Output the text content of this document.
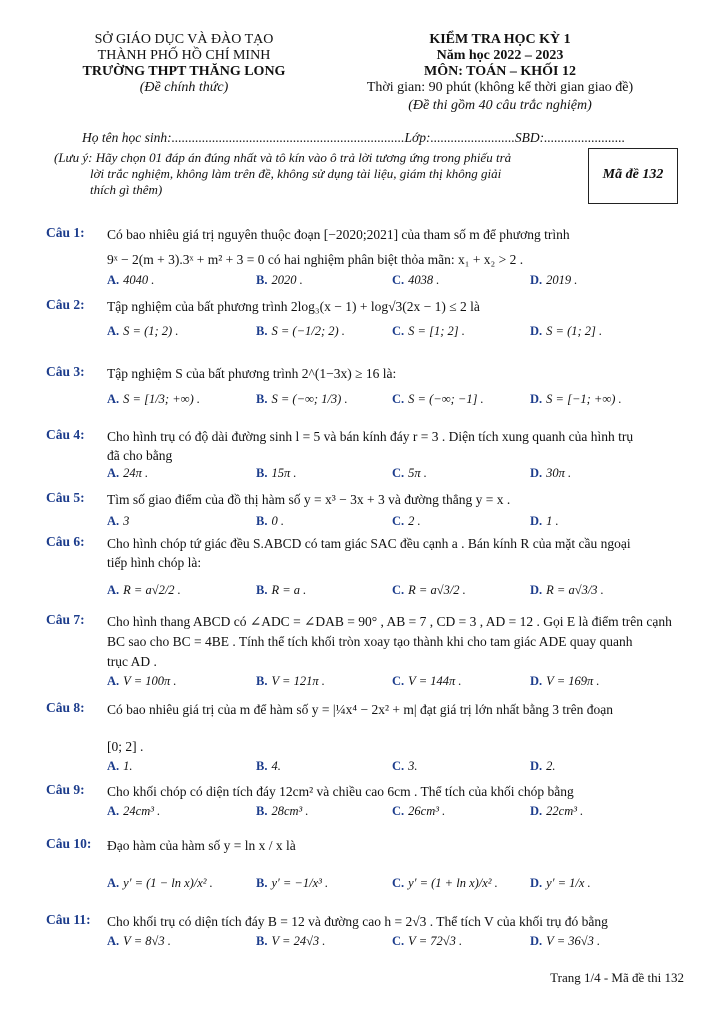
SỞ GIÁO DỤC VÀ ĐÀO TẠO
THÀNH PHỐ HỒ CHÍ MINH
TRƯỜNG THPT THĂNG LONG
(Đề chính thức)
KIỂM TRA HỌC KỲ 1
Năm học 2022 – 2023
MÔN: TOÁN – KHỐI 12
Thời gian: 90 phút (không kể thời gian giao đề)
(Đề thi gồm 40 câu trắc nghiệm)
Họ tên học sinh:.....................................................................Lớp:.........................SBD:........................
(Lưu ý: Hãy chọn 01 đáp án đúng nhất và tô kín vào ô trả lời tương ứng trong phiếu trả
lời trắc nghiệm, không làm trên đề, không sử dụng tài liệu, giám thị không giải
thích gì thêm)
Mã đề 132
Câu 1: Có bao nhiêu giá trị nguyên thuộc đoạn [−2020;2021] của tham số m để phương trình
9ˣ − 2(m + 3).3ˣ + m² + 3 = 0 có hai nghiệm phân biệt thỏa mãn: x₁ + x₂ > 2 .
A. 4040 .	B. 2020 .	C. 4038 .	D. 2019 .
Câu 2: Tập nghiệm của bất phương trình 2log₃(x − 1) + log√3(2x − 1) ≤ 2 là
A. S = (1; 2) .	B. S = (−1/2; 2) .	C. S = [1; 2] .	D. S = (1; 2] .
Câu 3: Tập nghiệm S của bất phương trình 2^(1−3x) ≥ 16 là:
A. S = [1/3; +∞) .	B. S = (−∞; 1/3) .	C. S = (−∞; −1] .	D. S = [−1; +∞) .
Câu 4: Cho hình trụ có độ dài đường sinh l = 5 và bán kính đáy r = 3 . Diện tích xung quanh của hình trụ
đã cho bằng
A. 24π .	B. 15π .	C. 5π .	D. 30π .
Câu 5: Tìm số giao điểm của đồ thị hàm số y = x³ − 3x + 3 và đường thẳng y = x .
A. 3	B. 0 .	C. 2 .	D. 1 .
Câu 6: Cho hình chóp tứ giác đều S.ABCD có tam giác SAC đều cạnh a . Bán kính R của mặt cầu ngoại
tiếp hình chóp là:
A. R = a√2/2 .	B. R = a .	C. R = a√3/2 .	D. R = a√3/3 .
Câu 7: Cho hình thang ABCD có ∠ADC = ∠DAB = 90° , AB = 7 , CD = 3 , AD = 12 . Gọi E là điểm trên cạnh
BC sao cho BC = 4BE . Tính thể tích khối tròn xoay tạo thành khi cho tam giác ADE quay quanh
trục AD .
A. V = 100π .	B. V = 121π .	C. V = 144π .	D. V = 169π .
Câu 8: Có bao nhiêu giá trị của m để hàm số y = |¼x⁴ − 2x² + m| đạt giá trị lớn nhất bằng 3 trên đoạn
[0; 2] .
A. 1.	B. 4.	C. 3.	D. 2.
Câu 9: Cho khối chóp có diện tích đáy 12cm² và chiều cao 6cm . Thể tích của khối chóp bằng
A. 24cm³ .	B. 28cm³ .	C. 26cm³ .	D. 22cm³ .
Câu 10: Đạo hàm của hàm số y = ln x / x là
A. y′ = (1 − ln x)/x² .	B. y′ = −1/x³ .	C. y′ = (1 + ln x)/x² .	D. y′ = 1/x .
Câu 11: Cho khối trụ có diện tích đáy B = 12 và đường cao h = 2√3 . Thể tích V của khối trụ đó bằng
A. V = 8√3 .	B. V = 24√3 .	C. V = 72√3 .	D. V = 36√3 .
Trang 1/4 - Mã đề thi 132
